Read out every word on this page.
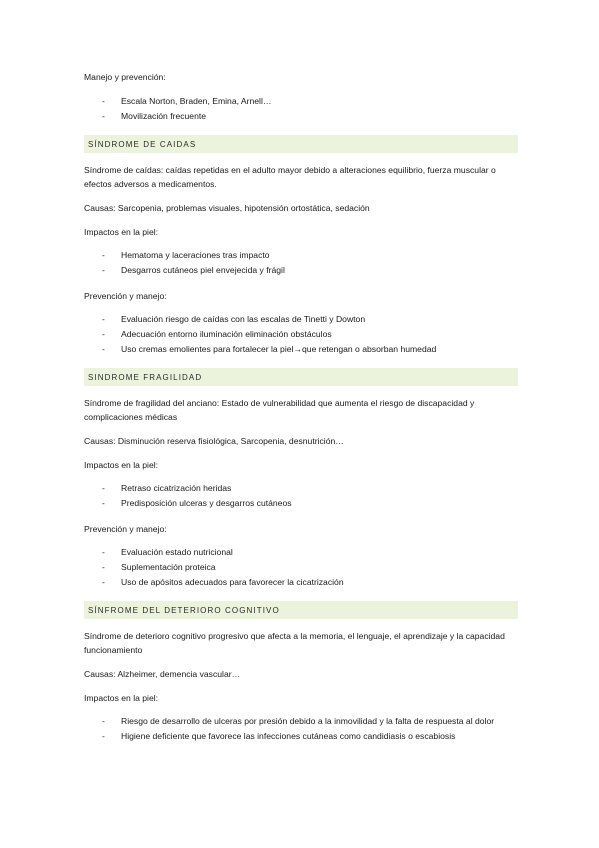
Manejo y prevención:

- Escala Norton, Braden, Emina, Arnell…
- Movilización frecuente
SÍNDROME DE CAIDAS

Síndrome de caídas: caídas repetidas en el adulto mayor debido a alteraciones equilibrio, fuerza muscular o efectos adversos a medicamentos.

Causas: Sarcopenia, problemas visuales, hipotensión ortostática, sedación

Impactos en la piel:

- Hematoma y laceraciones tras impacto
- Desgarros cutáneos piel envejecida y frágil

Prevención y manejo:

- Evaluación riesgo de caídas con las escalas de Tinetti y Dowton
- Adecuación entorno iluminación eliminación obstáculos
- Uso cremas emolientes para fortalecer la piel→que retengan o absorban humedad
SINDROME FRAGILIDAD

Síndrome de fragilidad del anciano: Estado de vulnerabilidad que aumenta el riesgo de discapacidad y complicaciones médicas

Causas: Disminución reserva fisiológica, Sarcopenia, desnutrición…

Impactos en la piel:

- Retraso cicatrización heridas
- Predisposición ulceras y desgarros cutáneos

Prevención y manejo:

- Evaluación estado nutricional
- Suplementación proteica
- Uso de apósitos adecuados para favorecer la cicatrización
SÍNFROME DEL DETERIORO COGNITIVO

Síndrome de deterioro cognitivo progresivo que afecta a la memoria, el lenguaje, el aprendizaje y la capacidad funcionamiento

Causas: Alzheimer, demencia vascular…

Impactos en la piel:

- Riesgo de desarrollo de ulceras por presión debido a la inmovilidad y la falta de respuesta al dolor
- Higiene deficiente que favorece las infecciones cutáneas como candidiasis o escabiosis
